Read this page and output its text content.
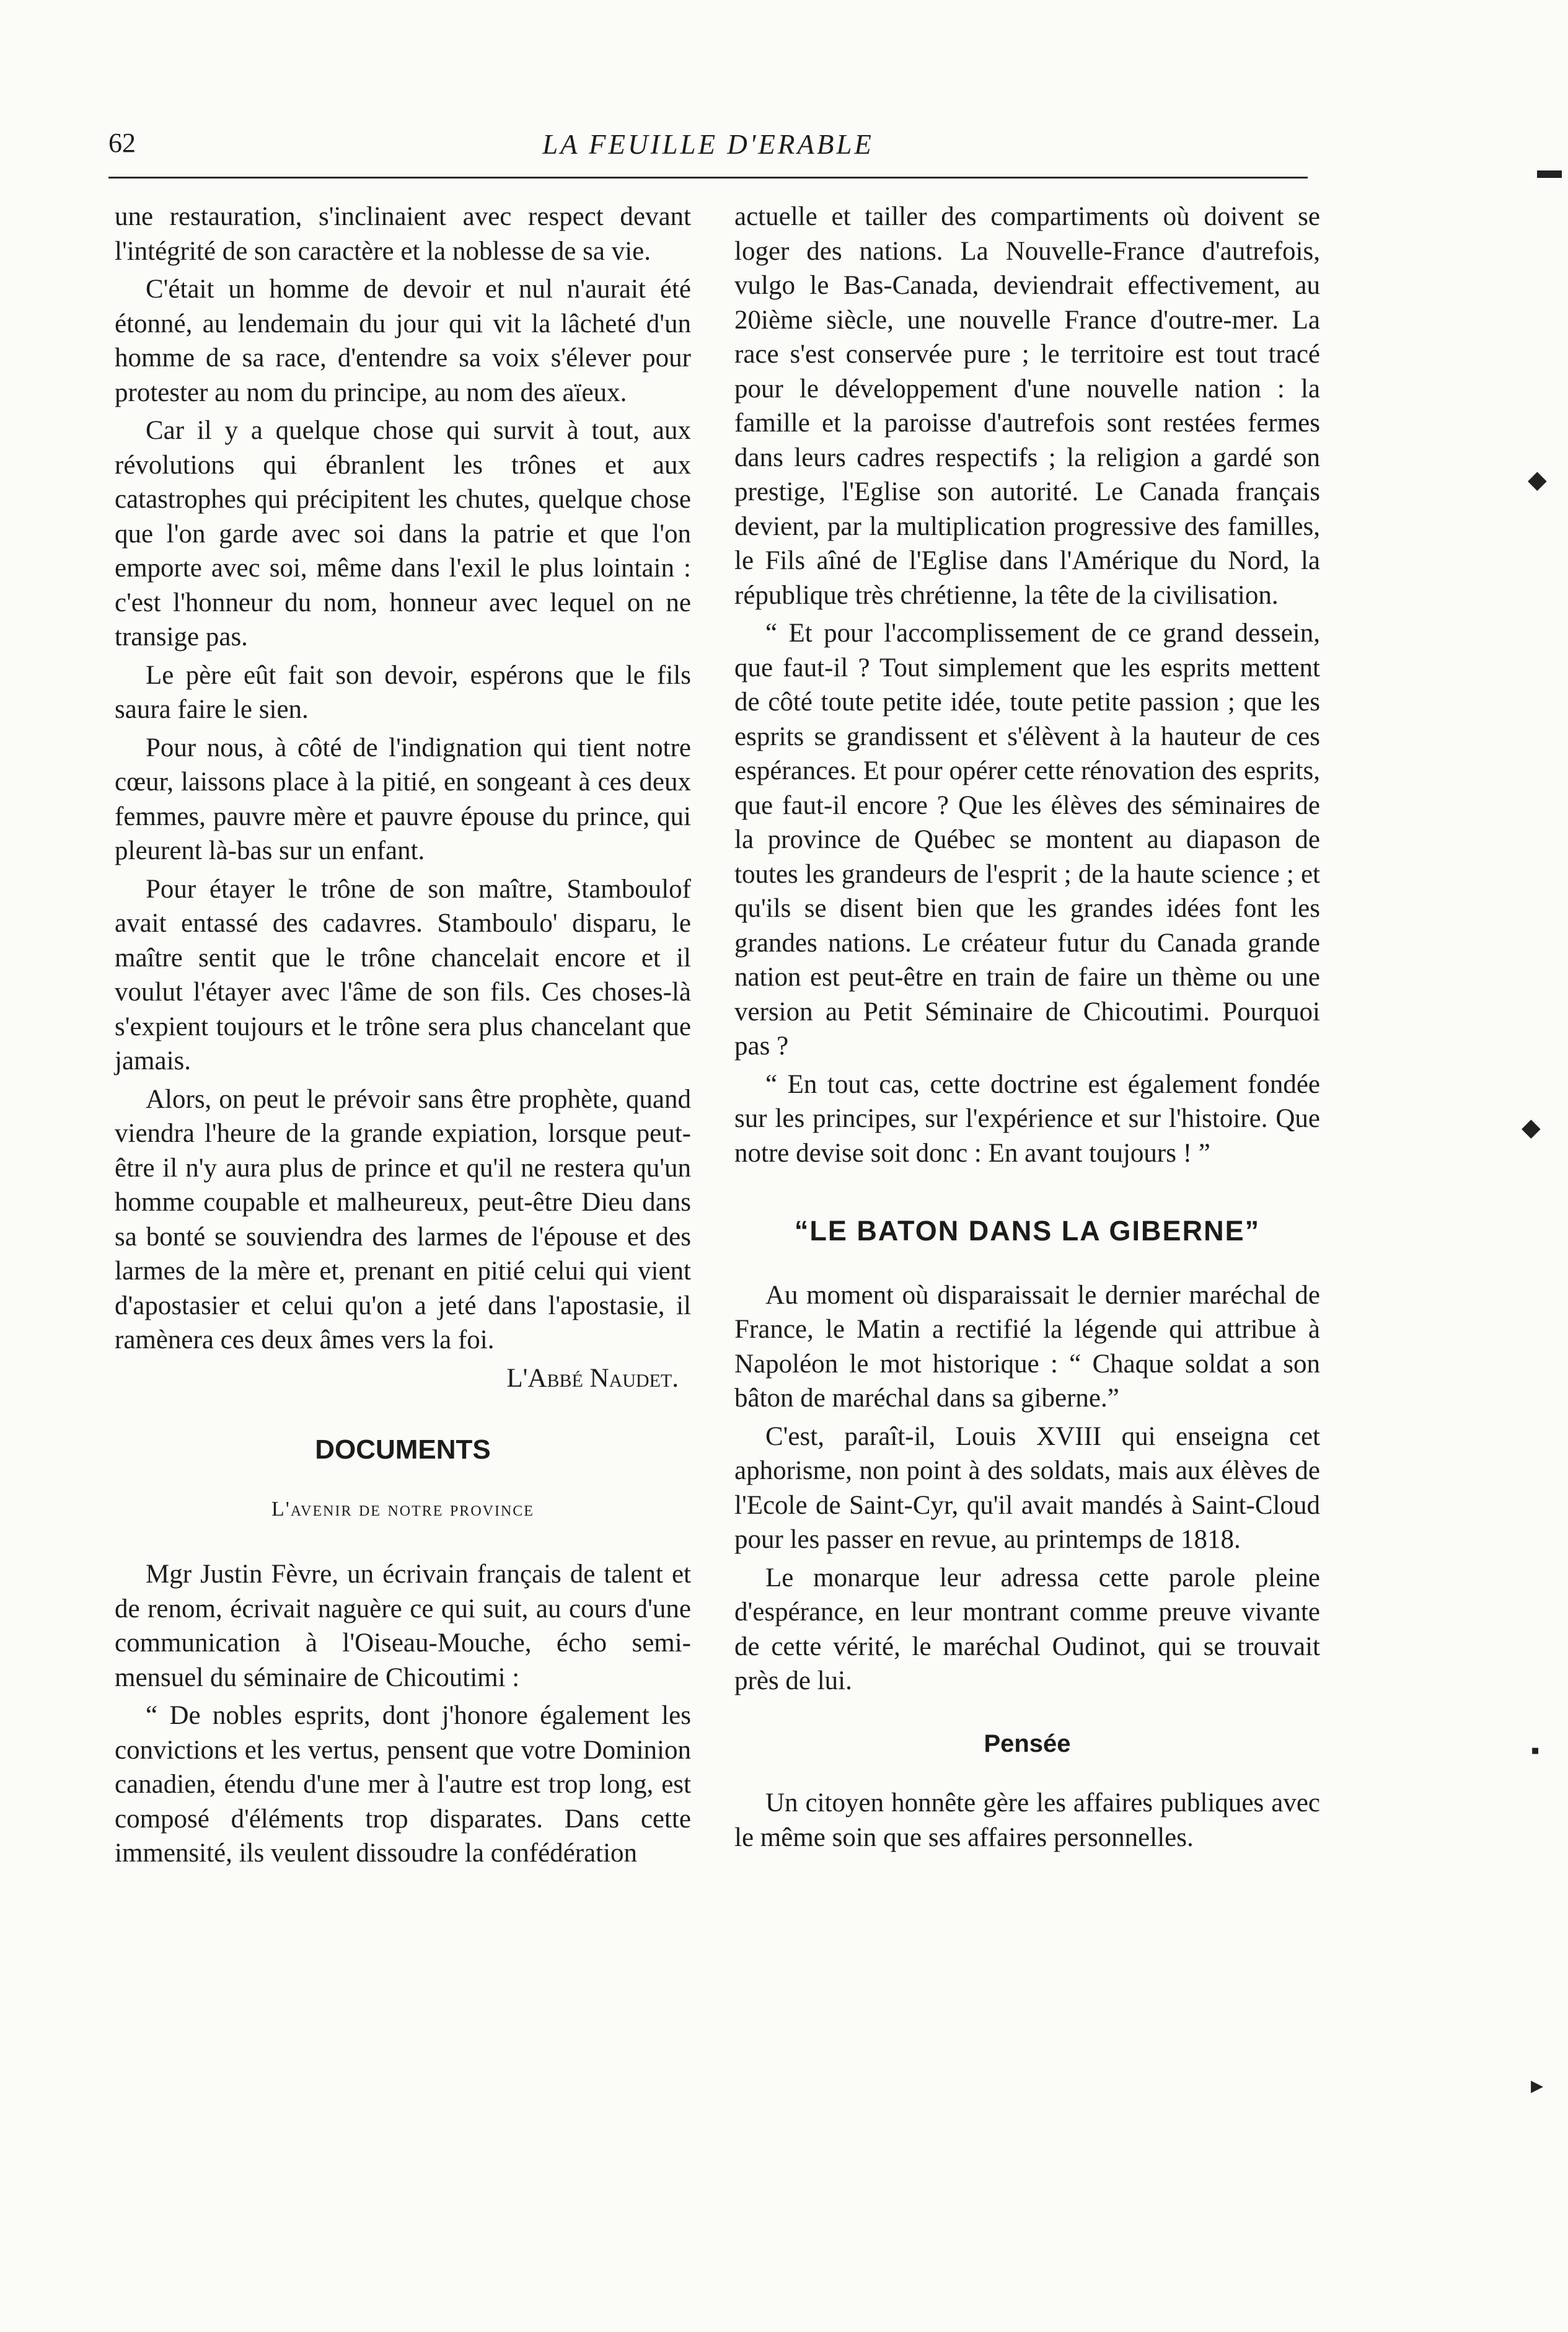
62	LA FEUILLE D'ERABLE

une restauration, s'inclinaient avec respect devant l'intégrité de son caractère et la noblesse de sa vie.

C'était un homme de devoir et nul n'aurait été étonné, au lendemain du jour qui vit la lâcheté d'un homme de sa race, d'entendre sa voix s'élever pour protester au nom du principe, au nom des aïeux.

Car il y a quelque chose qui survit à tout, aux révolutions qui ébranlent les trônes et aux catastrophes qui précipitent les chutes, quelque chose que l'on garde avec soi dans la patrie et que l'on emporte avec soi, même dans l'exil le plus lointain : c'est l'honneur du nom, honneur avec lequel on ne transige pas.

Le père eût fait son devoir, espérons que le fils saura faire le sien.

Pour nous, à côté de l'indignation qui tient notre cœur, laissons place à la pitié, en songeant à ces deux femmes, pauvre mère et pauvre épouse du prince, qui pleurent là-bas sur un enfant.

Pour étayer le trône de son maître, Stamboulof avait entassé des cadavres. Stamboulo' disparu, le maître sentit que le trône chancelait encore et il voulut l'étayer avec l'âme de son fils. Ces choses-là s'expient toujours et le trône sera plus chancelant que jamais.

Alors, on peut le prévoir sans être prophète, quand viendra l'heure de la grande expiation, lorsque peut-être il n'y aura plus de prince et qu'il ne restera qu'un homme coupable et malheureux, peut-être Dieu dans sa bonté se souviendra des larmes de l'épouse et des larmes de la mère et, prenant en pitié celui qui vient d'apostasier et celui qu'on a jeté dans l'apostasie, il ramènera ces deux âmes vers la foi.

L'Abbé Naudet.
DOCUMENTS
L'avenir de notre province

Mgr Justin Fèvre, un écrivain français de talent et de renom, écrivait naguère ce qui suit, au cours d'une communication à l'Oiseau-Mouche, écho semi-mensuel du séminaire de Chicoutimi :

“ De nobles esprits, dont j'honore également les convictions et les vertus, pensent que votre Dominion canadien, étendu d'une mer à l'autre est trop long, est composé d'éléments trop disparates. Dans cette immensité, ils veulent dissoudre la confédération

actuelle et tailler des compartiments où doivent se loger des nations. La Nouvelle-France d'autrefois, vulgo le Bas-Canada, deviendrait effectivement, au 20ième siècle, une nouvelle France d'outre-mer. La race s'est conservée pure ; le territoire est tout tracé pour le développement d'une nouvelle nation : la famille et la paroisse d'autrefois sont restées fermes dans leurs cadres respectifs ; la religion a gardé son prestige, l'Eglise son autorité. Le Canada français devient, par la multiplication progressive des familles, le Fils aîné de l'Eglise dans l'Amérique du Nord, la république très chrétienne, la tête de la civilisation.

“ Et pour l'accomplissement de ce grand dessein, que faut-il ? Tout simplement que les esprits mettent de côté toute petite idée, toute petite passion ; que les esprits se grandissent et s'élèvent à la hauteur de ces espérances. Et pour opérer cette rénovation des esprits, que faut-il encore ? Que les élèves des séminaires de la province de Québec se montent au diapason de toutes les grandeurs de l'esprit ; de la haute science ; et qu'ils se disent bien que les grandes idées font les grandes nations. Le créateur futur du Canada grande nation est peut-être en train de faire un thème ou une version au Petit Séminaire de Chicoutimi. Pourquoi pas ?

“ En tout cas, cette doctrine est également fondée sur les principes, sur l'expérience et sur l'histoire. Que notre devise soit donc : En avant toujours ! ”

“LE BATON DANS LA GIBERNE”

Au moment où disparaissait le dernier maréchal de France, le Matin a rectifié la légende qui attribue à Napoléon le mot historique : “ Chaque soldat a son bâton de maréchal dans sa giberne.”

C'est, paraît-il, Louis XVIII qui enseigna cet aphorisme, non point à des soldats, mais aux élèves de l'Ecole de Saint-Cyr, qu'il avait mandés à Saint-Cloud pour les passer en revue, au printemps de 1818.

Le monarque leur adressa cette parole pleine d'espérance, en leur montrant comme preuve vivante de cette vérité, le maréchal Oudinot, qui se trouvait près de lui.

Pensée

Un citoyen honnête gère les affaires publiques avec le même soin que ses affaires personnelles.

▬
◆
◆
▪
▸
